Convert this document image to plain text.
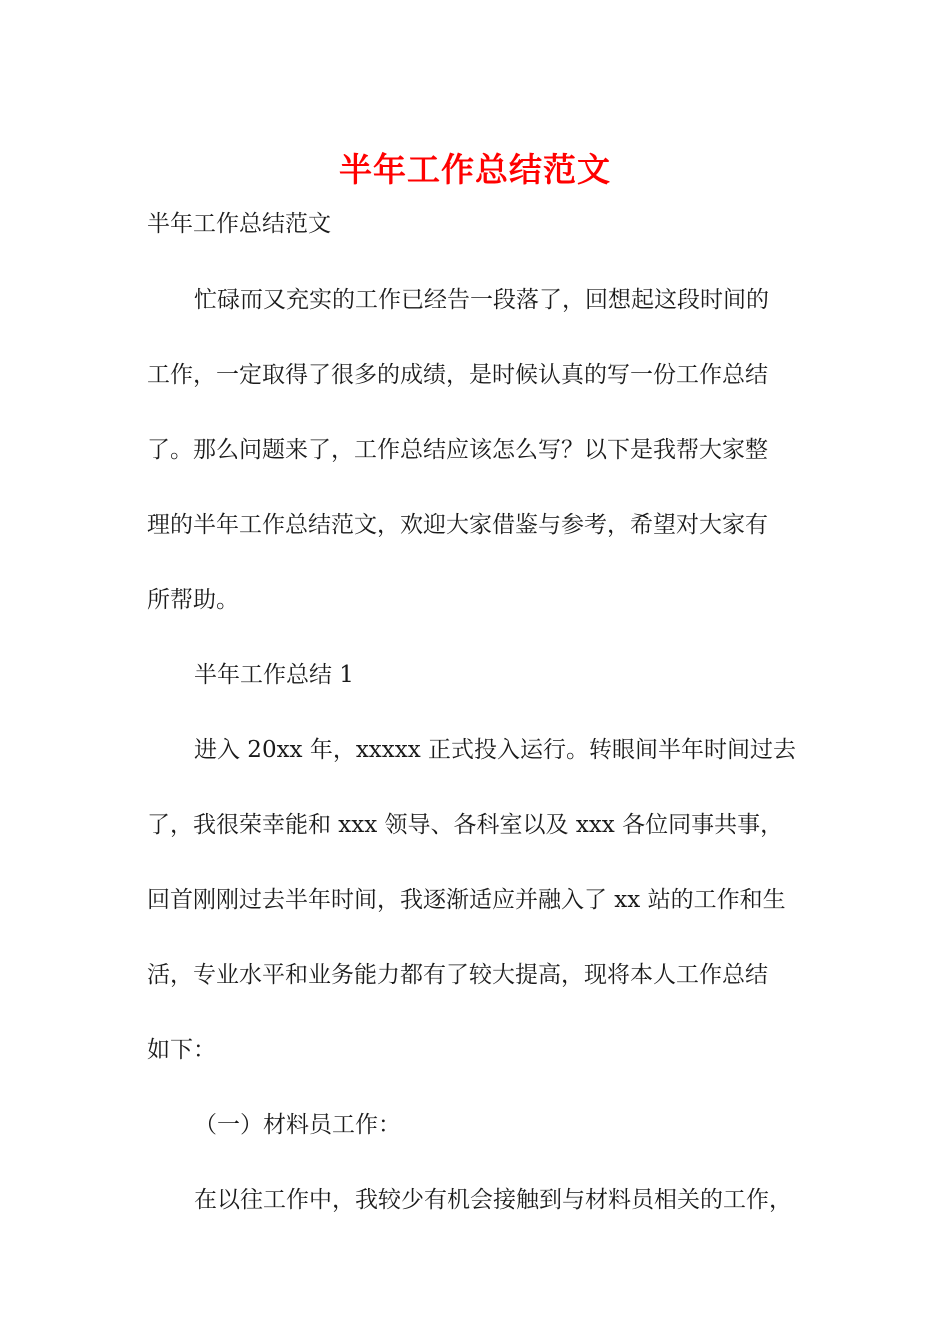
半年工作总结范文

半年工作总结范文

忙碌而又充实的工作已经告一段落了，回想起这段时间的

工作，一定取得了很多的成绩，是时候认真的写一份工作总结

了。那么问题来了，工作总结应该怎么写？以下是我帮大家整

理的半年工作总结范文，欢迎大家借鉴与参考，希望对大家有

所帮助。

半年工作总结 1

进入 20xx 年，xxxxx 正式投入运行。转眼间半年时间过去

了，我很荣幸能和 xxx 领导、各科室以及 xxx 各位同事共事，

回首刚刚过去半年时间，我逐渐适应并融入了 xx 站的工作和生

活，专业水平和业务能力都有了较大提高，现将本人工作总结

如下：

（一）材料员工作：

在以往工作中，我较少有机会接触到与材料员相关的工作，
